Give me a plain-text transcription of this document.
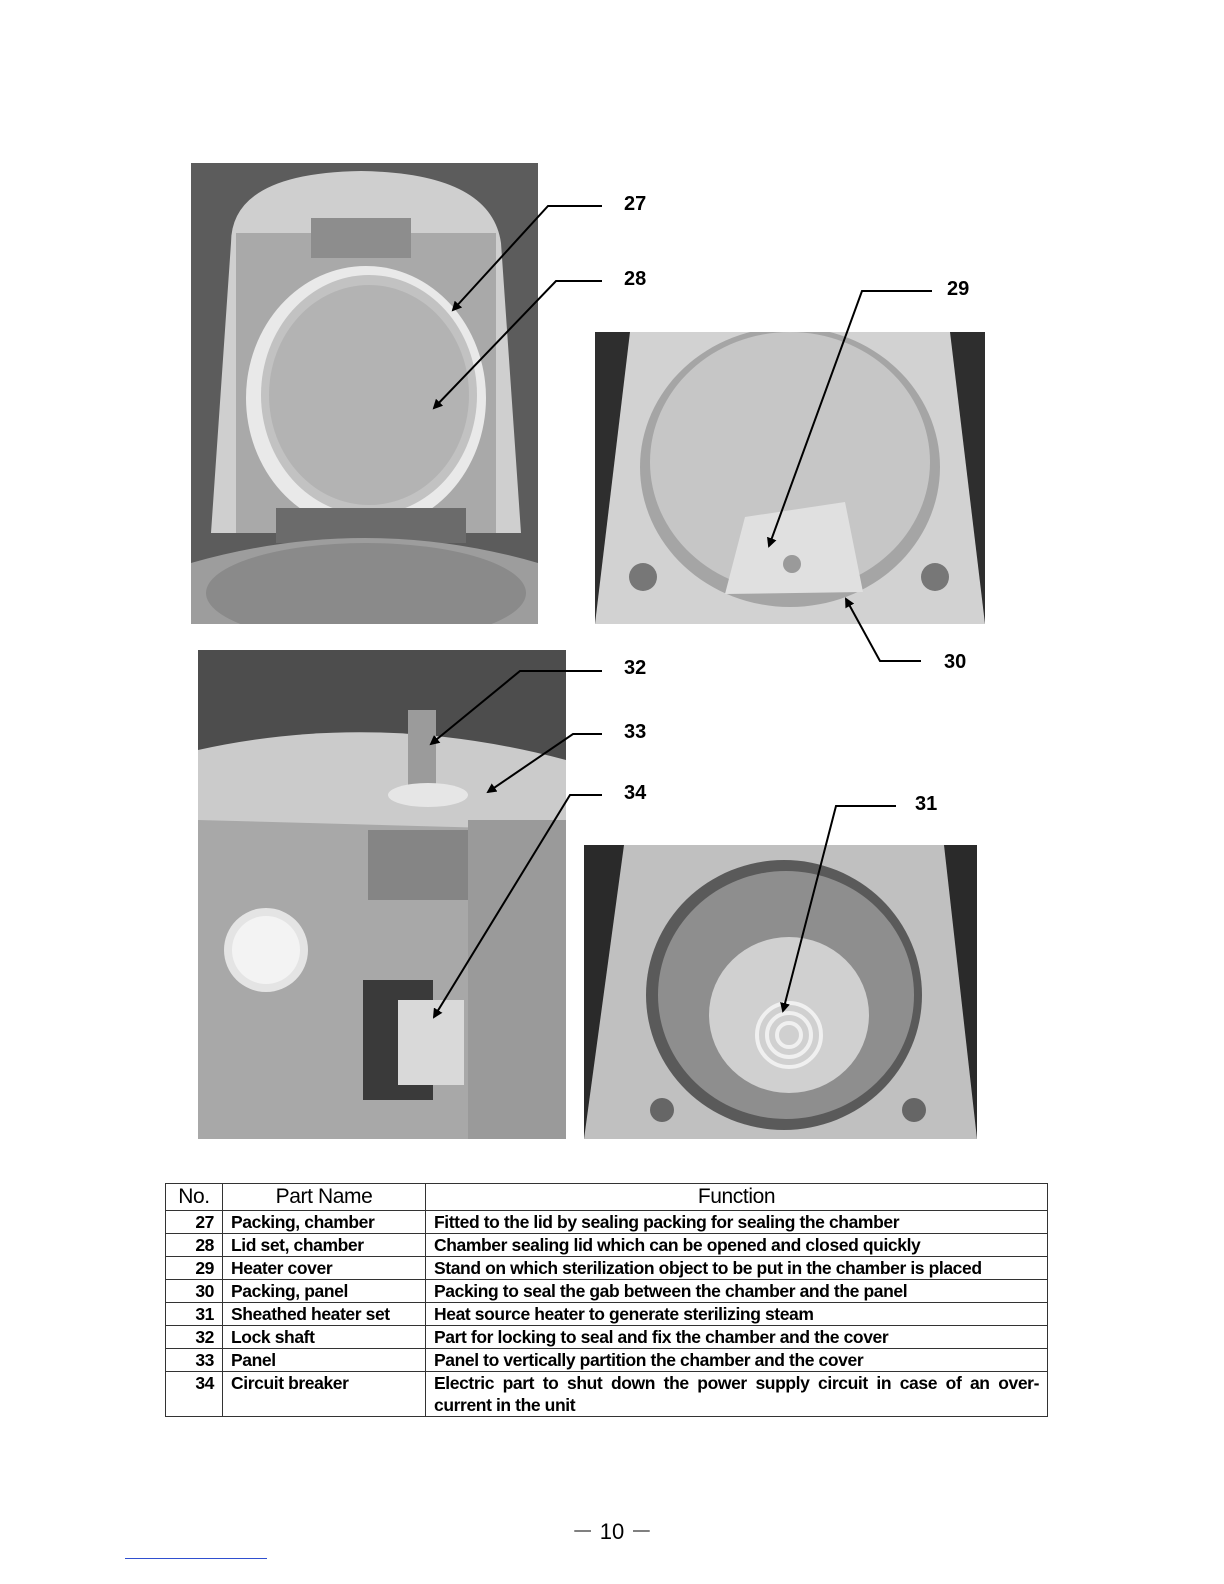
27
28	29
30
31
32
33
34
No.	Part Name	Function
27	Packing, chamber	Fitted to the lid by sealing packing for sealing the chamber
28	Lid set, chamber	Chamber sealing lid which can be opened and closed quickly
29	Heater cover	Stand on which sterilization object to be put in the chamber is placed
30	Packing, panel	Packing to seal the gab between the chamber and the panel
31	Sheathed heater set	Heat source heater to generate sterilizing steam
32	Lock shaft	Part for locking to seal and fix the chamber and the cover
33	Panel	Panel to vertically partition the chamber and the cover
34	Circuit breaker	Electric part to shut down the power supply circuit in case of an over-current in the unit
－ 10 －
